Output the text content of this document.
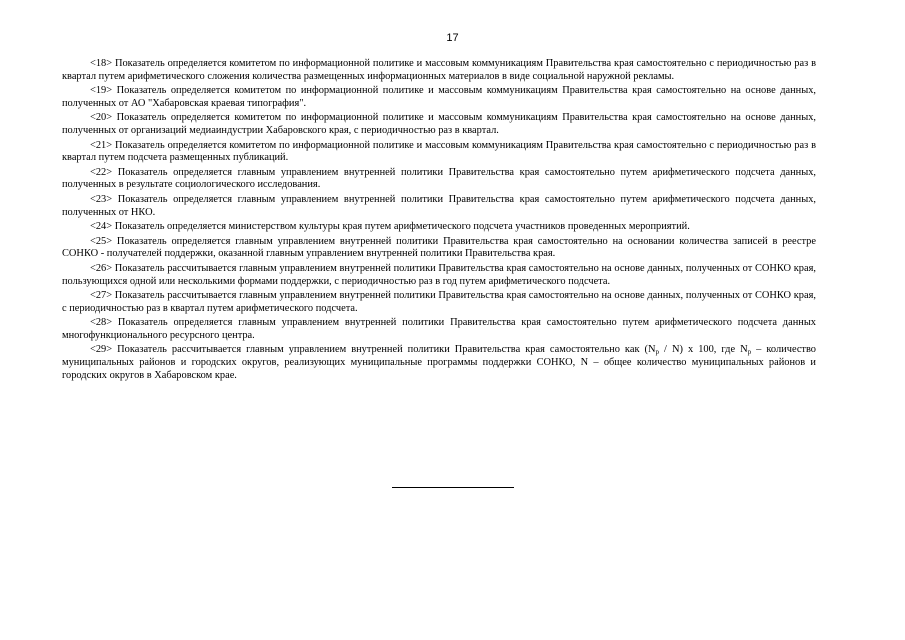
17

<18> Показатель определяется комитетом по информационной политике и массовым коммуникациям Правительства края самостоятельно с периодичностью раз в квартал путем арифметического сложения количества размещенных информационных материалов в виде социальной наружной рекламы.

<19> Показатель определяется комитетом по информационной политике и массовым коммуникациям Правительства края самостоятельно на основе данных, полученных от АО "Хабаровская краевая типография".

<20> Показатель определяется комитетом по информационной политике и массовым коммуникациям Правительства края самостоятельно на основе данных, полученных от организаций медиаиндустрии Хабаровского края, с периодичностью раз в квартал.

<21> Показатель определяется комитетом по информационной политике и массовым коммуникациям Правительства края самостоятельно с периодичностью раз в квартал путем подсчета размещенных публикаций.

<22> Показатель определяется главным управлением внутренней политики Правительства края самостоятельно путем арифметического подсчета данных, полученных в результате социологического исследования.

<23> Показатель определяется главным управлением внутренней политики Правительства края самостоятельно путем арифметического подсчета данных, полученных от НКО.

<24> Показатель определяется министерством культуры края путем арифметического подсчета участников проведенных мероприятий.

<25> Показатель определяется главным управлением внутренней политики Правительства края самостоятельно на основании количества записей в реестре СОНКО - получателей поддержки, оказанной главным управлением внутренней политики Правительства края.

<26> Показатель рассчитывается главным управлением внутренней политики Правительства края самостоятельно на основе данных, полученных от СОНКО края, пользующихся одной или несколькими формами поддержки, с периодичностью раз в год путем арифметического подсчета.

<27> Показатель рассчитывается главным управлением внутренней политики Правительства края самостоятельно на основе данных, полученных от СОНКО края, с периодичностью раз в квартал путем арифметического подсчета.

<28> Показатель определяется главным управлением внутренней политики Правительства края самостоятельно путем арифметического подсчета данных многофункционального ресурсного центра.

<29> Показатель рассчитывается главным управлением внутренней политики Правительства края самостоятельно как $(N_p / N)$ x 100, где $N_p$ – количество муниципальных районов и городских округов, реализующих муниципальные программы поддержки СОНКО, N – общее количество муниципальных районов и городских округов в Хабаровском крае.
